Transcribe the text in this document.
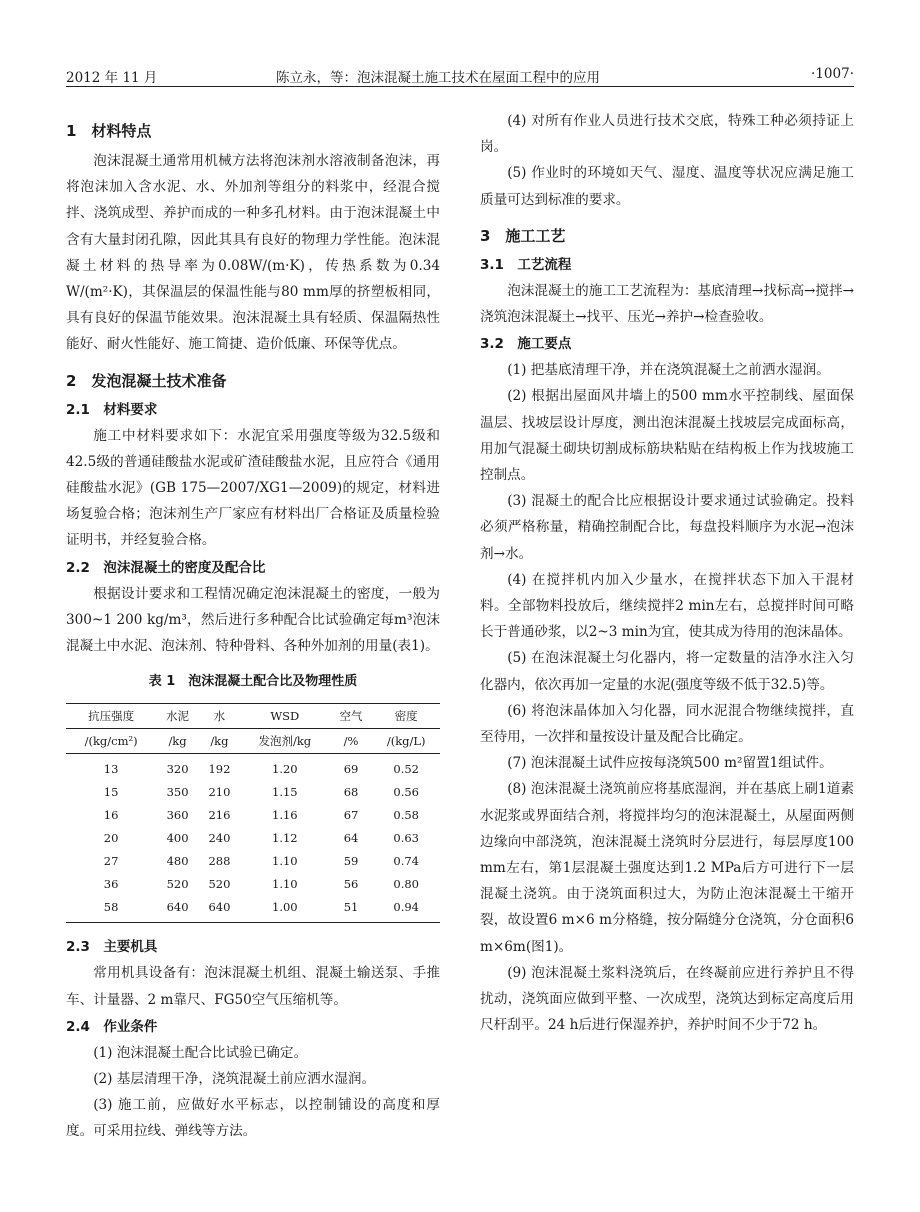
2012 年 11 月	陈立永，等：泡沫混凝土施工技术在屋面工程中的应用	·1007·
1　材料特点

泡沫混凝土通常用机械方法将泡沫剂水溶液制备泡沫，再将泡沫加入含水泥、水、外加剂等组分的料浆中，经混合搅拌、浇筑成型、养护而成的一种多孔材料。由于泡沫混凝土中含有大量封闭孔隙，因此其具有良好的物理力学性能。泡沫混凝土材料的热导率为0.08W/(m·K)，传热系数为0.34 W/(m²·K)，其保温层的保温性能与80 mm厚的挤塑板相同，具有良好的保温节能效果。泡沫混凝土具有轻质、保温隔热性能好、耐火性能好、施工简捷、造价低廉、环保等优点。

2　发泡混凝土技术准备
2.1　材料要求

施工中材料要求如下：水泥宜采用强度等级为32.5级和42.5级的普通硅酸盐水泥或矿渣硅酸盐水泥，且应符合《通用硅酸盐水泥》(GB 175—2007/XG1—2009)的规定，材料进场复验合格；泡沫剂生产厂家应有材料出厂合格证及质量检验证明书，并经复验合格。

2.2　泡沫混凝土的密度及配合比

根据设计要求和工程情况确定泡沫混凝土的密度，一般为300~1 200 kg/m³，然后进行多种配合比试验确定每m³泡沫混凝土中水泥、泡沫剂、特种骨料、各种外加剂的用量(表1)。

表 1　泡沫混凝土配合比及物理性质
抗压强度	水泥	水	WSD	空气	密度
/(kg/cm²)	/kg	/kg	发泡剂/kg	/%	/(kg/L)
13	320	192	1.20	69	0.52
15	350	210	1.15	68	0.56
16	360	216	1.16	67	0.58
20	400	240	1.12	64	0.63
27	480	288	1.10	59	0.74
36	520	520	1.10	56	0.80
58	640	640	1.00	51	0.94
2.3　主要机具

常用机具设备有：泡沫混凝土机组、混凝土输送泵、手推车、计量器、2 m靠尺、FG50空气压缩机等。

2.4　作业条件

(1) 泡沫混凝土配合比试验已确定。

(2) 基层清理干净，浇筑混凝土前应洒水湿润。

(3) 施工前，应做好水平标志，以控制铺设的高度和厚度。可采用拉线、弹线等方法。

(4) 对所有作业人员进行技术交底，特殊工种必须持证上岗。

(5) 作业时的环境如天气、湿度、温度等状况应满足施工质量可达到标准的要求。

3　施工工艺
3.1　工艺流程

泡沫混凝土的施工工艺流程为：基底清理→找标高→搅拌→浇筑泡沫混凝土→找平、压光→养护→检查验收。

3.2　施工要点

(1) 把基底清理干净，并在浇筑混凝土之前洒水湿润。

(2) 根据出屋面风井墙上的500 mm水平控制线、屋面保温层、找坡层设计厚度，测出泡沫混凝土找坡层完成面标高，用加气混凝土砌块切割成标筋块粘贴在结构板上作为找坡施工控制点。

(3) 混凝土的配合比应根据设计要求通过试验确定。投料必须严格称量，精确控制配合比，每盘投料顺序为水泥→泡沫剂→水。

(4) 在搅拌机内加入少量水，在搅拌状态下加入干混材料。全部物料投放后，继续搅拌2 min左右，总搅拌时间可略长于普通砂浆，以2~3 min为宜，使其成为待用的泡沫晶体。

(5) 在泡沫混凝土匀化器内，将一定数量的洁净水注入匀化器内，依次再加一定量的水泥(强度等级不低于32.5)等。

(6) 将泡沫晶体加入匀化器，同水泥混合物继续搅拌，直至待用，一次拌和量按设计量及配合比确定。

(7) 泡沫混凝土试件应按每浇筑500 m²留置1组试件。

(8) 泡沫混凝土浇筑前应将基底湿润，并在基底上刷1道素水泥浆或界面结合剂，将搅拌均匀的泡沫混凝土，从屋面两侧边缘向中部浇筑，泡沫混凝土浇筑时分层进行，每层厚度100 mm左右，第1层混凝土强度达到1.2 MPa后方可进行下一层混凝土浇筑。由于浇筑面积过大，为防止泡沫混凝土干缩开裂，故设置6 m×6 m分格缝，按分隔缝分仓浇筑，分仓面积6 m×6m(图1)。

(9) 泡沫混凝土浆料浇筑后，在终凝前应进行养护且不得扰动，浇筑面应做到平整、一次成型，浇筑达到标定高度后用尺杆刮平。24 h后进行保湿养护，养护时间不少于72 h。
